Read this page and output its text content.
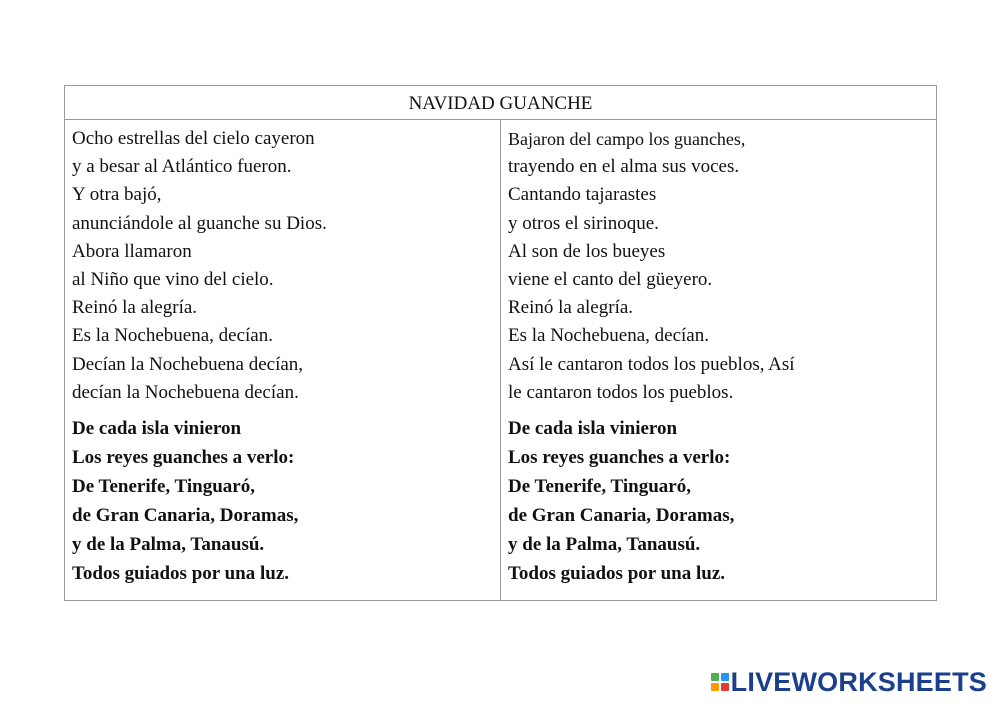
NAVIDAD GUANCHE
Ocho estrellas del cielo cayeron
y a besar al Atlántico fueron.
Y otra bajó,
anunciándole al guanche su Dios.
Abora llamaron
al Niño que vino del cielo.
Reinó la alegría.
Es la Nochebuena, decían.
Decían la Nochebuena decían,
decían la Nochebuena decían.
De cada isla vinieron
Los reyes guanches a verlo:
De Tenerife, Tinguaró,
de Gran Canaria, Doramas,
y de la Palma, Tanausú.
Todos guiados por una luz.
Bajaron del campo los guanches,
trayendo en el alma sus voces.
Cantando tajarastes
y otros el sirinoque.
Al son de los bueyes
viene el canto del güeyero.
Reinó la alegría.
Es la Nochebuena, decían.
Así le cantaron todos los pueblos, Así
le cantaron todos los pueblos.
De cada isla vinieron
Los reyes guanches a verlo:
De Tenerife, Tinguaró,
de Gran Canaria, Doramas,
y de la Palma, Tanausú.
Todos guiados por una luz.
LIVEWORKSHEETS
